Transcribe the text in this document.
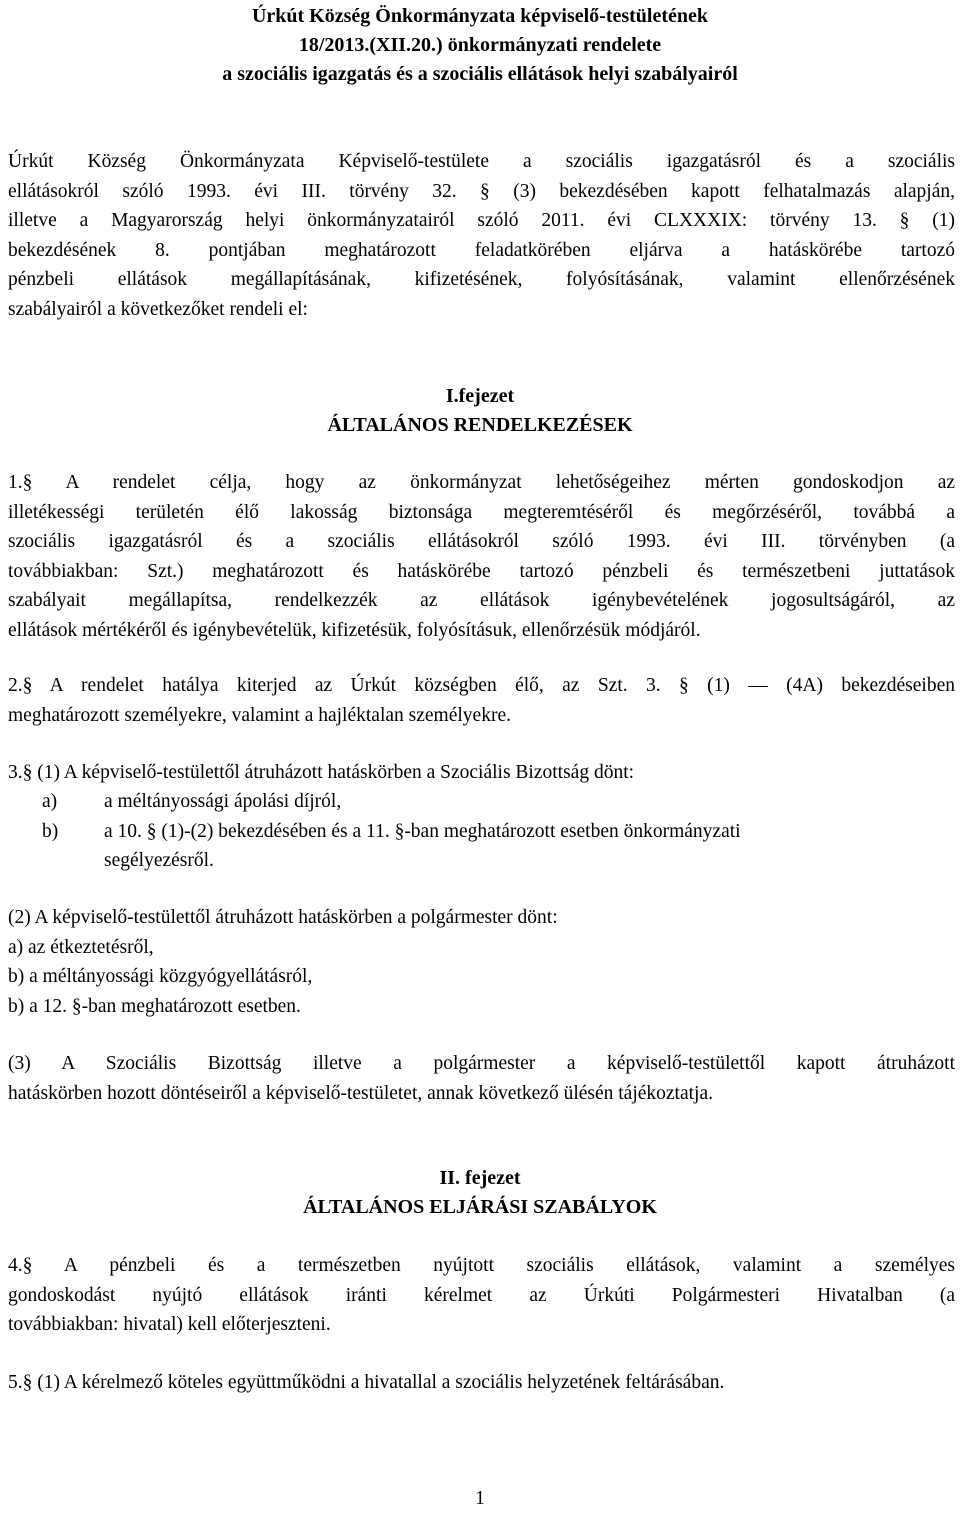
Úrkút Község Önkormányzata képviselő-testületének
18/2013.(XII.20.) önkormányzati rendelete
a szociális igazgatás és a szociális ellátások helyi szabályairól
Úrkút Község Önkormányzata Képviselő-testülete a szociális igazgatásról és a szociális
ellátásokról szóló 1993. évi III. törvény 32. § (3) bekezdésében kapott felhatalmazás alapján,
illetve a Magyarország helyi önkormányzatairól szóló 2011. évi CLXXXIX: törvény 13. § (1)
bekezdésének 8. pontjában meghatározott feladatkörében eljárva a hatáskörébe tartozó
pénzbeli ellátások megállapításának, kifizetésének, folyósításának, valamint ellenőrzésének
szabályairól a következőket rendeli el:
I.fejezet
ÁLTALÁNOS RENDELKEZÉSEK
1.§ A rendelet célja, hogy az önkormányzat lehetőségeihez mérten gondoskodjon az
illetékességi területén élő lakosság biztonsága megteremtéséről és megőrzéséről, továbbá a
szociális igazgatásról és a szociális ellátásokról szóló 1993. évi III. törvényben (a
továbbiakban: Szt.) meghatározott és hatáskörébe tartozó pénzbeli és természetbeni juttatások
szabályait megállapítsa, rendelkezzék az ellátások igénybevételének jogosultságáról, az
ellátások mértékéről és igénybevételük, kifizetésük, folyósításuk, ellenőrzésük módjáról.
2.§ A rendelet hatálya kiterjed az Úrkút községben élő, az Szt. 3. § (1) — (4A) bekezdéseiben
meghatározott személyekre, valamint a hajléktalan személyekre.
3.§ (1) A képviselő-testülettől átruházott hatáskörben a Szociális Bizottság dönt:
a)	a méltányossági ápolási díjról,
b)	a 10. § (1)-(2) bekezdésében és a 11. §-ban meghatározott esetben önkormányzati
segélyezésről.
(2) A képviselő-testülettől átruházott hatáskörben a polgármester dönt:
a) az étkeztetésről,
b) a méltányossági közgyógyellátásról,
b) a 12. §-ban meghatározott esetben.
(3) A Szociális Bizottság illetve a polgármester a képviselő-testülettől kapott átruházott
hatáskörben hozott döntéseiről a képviselő-testületet, annak következő ülésén tájékoztatja.
II. fejezet
ÁLTALÁNOS ELJÁRÁSI SZABÁLYOK
4.§ A pénzbeli és a természetben nyújtott szociális ellátások, valamint a személyes
gondoskodást nyújtó ellátások iránti kérelmet az Úrkúti Polgármesteri Hivatalban (a
továbbiakban: hivatal) kell előterjeszteni.
5.§ (1) A kérelmező köteles együttműködni a hivatallal a szociális helyzetének feltárásában.
1
